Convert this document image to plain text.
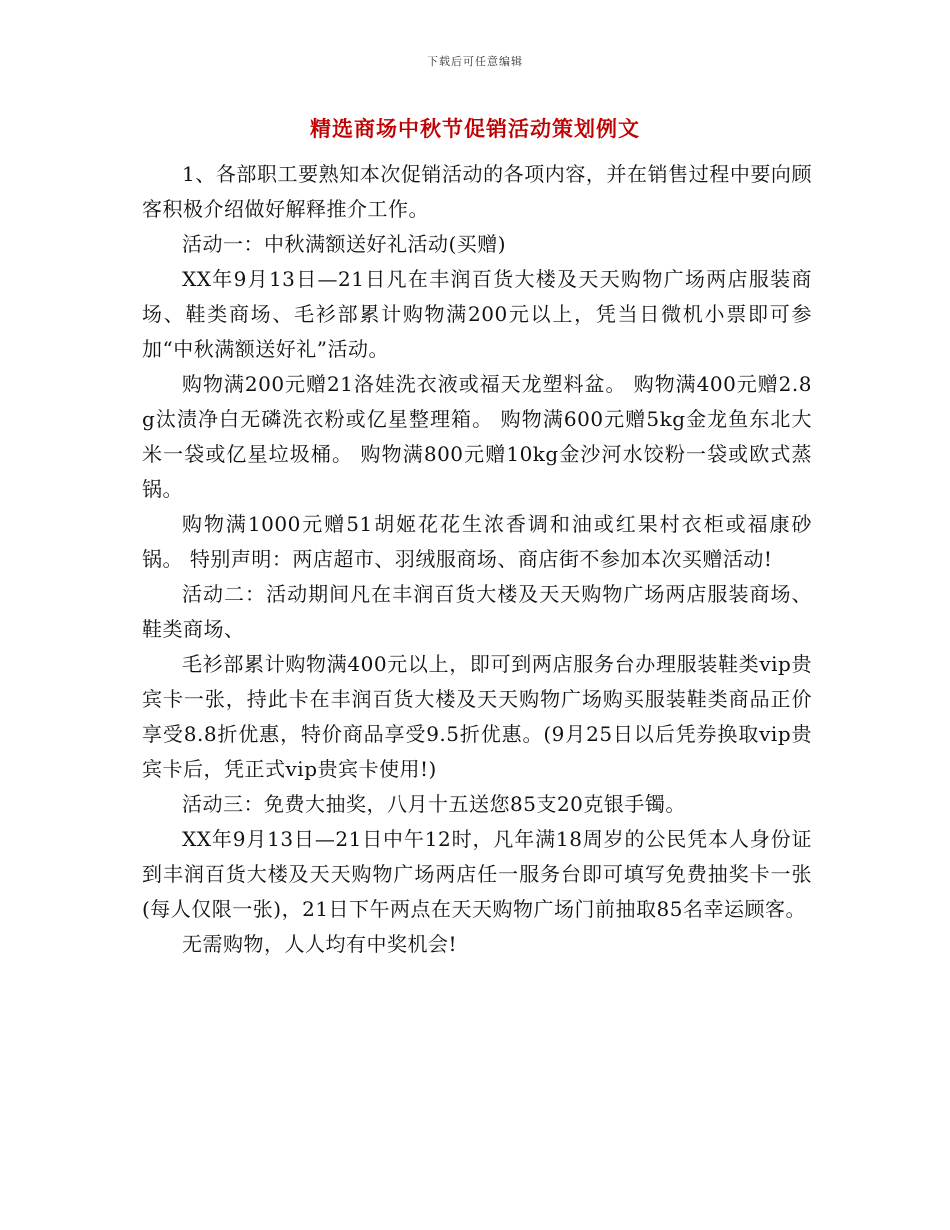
下载后可任意编辑
精选商场中秋节促销活动策划例文

1、各部职工要熟知本次促销活动的各项内容，并在销售过程中要向顾客积极介绍做好解释推介工作。

活动一：中秋满额送好礼活动(买赠)

XX年9月13日—21日凡在丰润百货大楼及天天购物广场两店服装商场、鞋类商场、毛衫部累计购物满200元以上，凭当日微机小票即可参加“中秋满额送好礼”活动。

购物满200元赠21洛娃洗衣液或福天龙塑料盆。 购物满400元赠2.8g汰渍净白无磷洗衣粉或亿星整理箱。 购物满600元赠5kg金龙鱼东北大米一袋或亿星垃圾桶。 购物满800元赠10kg金沙河水饺粉一袋或欧式蒸锅。

购物满1000元赠51胡姬花花生浓香调和油或红果村衣柜或福康砂锅。 特别声明：两店超市、羽绒服商场、商店街不参加本次买赠活动!

活动二：活动期间凡在丰润百货大楼及天天购物广场两店服装商场、鞋类商场、

毛衫部累计购物满400元以上，即可到两店服务台办理服装鞋类vip贵宾卡一张，持此卡在丰润百货大楼及天天购物广场购买服装鞋类商品正价享受8.8折优惠，特价商品享受9.5折优惠。(9月25日以后凭券换取vip贵宾卡后，凭正式vip贵宾卡使用!)

活动三：免费大抽奖，八月十五送您85支20克银手镯。

XX年9月13日—21日中午12时，凡年满18周岁的公民凭本人身份证到丰润百货大楼及天天购物广场两店任一服务台即可填写免费抽奖卡一张(每人仅限一张)，21日下午两点在天天购物广场门前抽取85名幸运顾客。

无需购物，人人均有中奖机会!
